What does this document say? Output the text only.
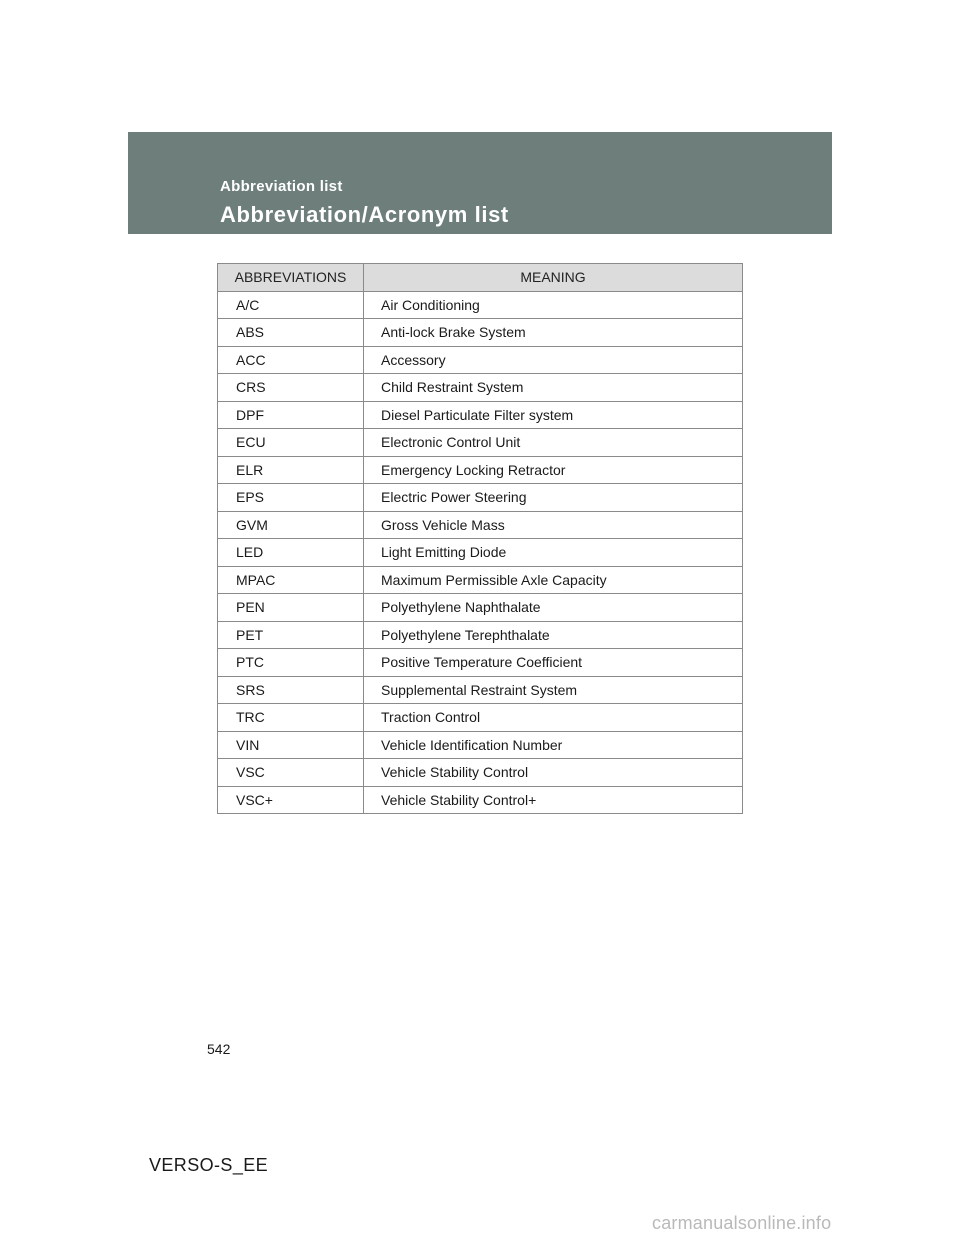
Abbreviation list
Abbreviation/Acronym list
ABBREVIATIONS	MEANING
A/C	Air Conditioning
ABS	Anti-lock Brake System
ACC	Accessory
CRS	Child Restraint System
DPF	Diesel Particulate Filter system
ECU	Electronic Control Unit
ELR	Emergency Locking Retractor
EPS	Electric Power Steering
GVM	Gross Vehicle Mass
LED	Light Emitting Diode
MPAC	Maximum Permissible Axle Capacity
PEN	Polyethylene Naphthalate
PET	Polyethylene Terephthalate
PTC	Positive Temperature Coefficient
SRS	Supplemental Restraint System
TRC	Traction Control
VIN	Vehicle Identification Number
VSC	Vehicle Stability Control
VSC+	Vehicle Stability Control+
542
VERSO-S_EE
carmanualsonline.info
